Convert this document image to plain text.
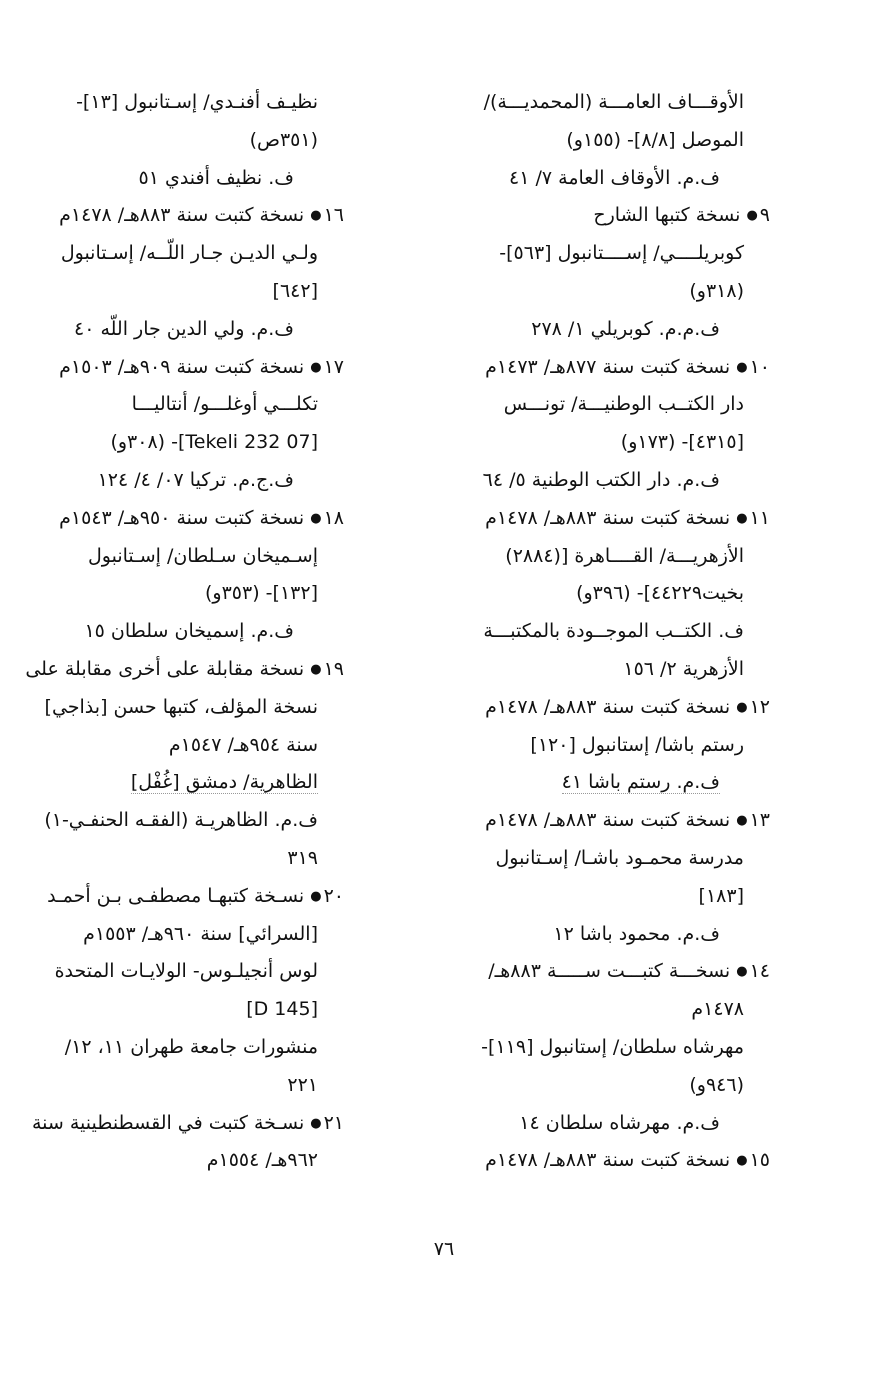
الأوقـــاف العامـــة (المحمديـــة)/
الموصل [٨/٨]- (١٥٥و)
ف.م. الأوقاف العامة ٧/ ٤١
٩● نسخة كتبها الشارح
كوبريلــــي/ إســــتانبول [٥٦٣]-
(٣١٨و)
ف.م.م. كوبريلي ١/ ٢٧٨
١٠● نسخة كتبت سنة ٨٧٧هـ/ ١٤٧٣م
دار الكتــب الوطنيـــة/ تونـــس
[٤٣١٥]- (١٧٣و)
ف.م. دار الكتب الوطنية ٥/ ٦٤
١١● نسخة كتبت سنة ٨٨٣هـ/ ١٤٧٨م
الأزهريـــة/ القــــاهرة [(٢٨٨٤)
بخيت٤٤٢٢٩]- (٣٩٦و)
ف. الكتــب الموجــودة بالمكتبـــة
الأزهرية ٢/ ١٥٦
١٢● نسخة كتبت سنة ٨٨٣هـ/ ١٤٧٨م
رستم باشا/ إستانبول [١٢٠]
ف.م. رستم باشا ٤١
١٣● نسخة كتبت سنة ٨٨٣هـ/ ١٤٧٨م
مدرسة محمـود باشـا/ إسـتانبول
[١٨٣]
ف.م. محمود باشا ١٢
١٤● نسخـــة كتبـــت ســـــة ٨٨٣هـ/
١٤٧٨م
مهرشاه سلطان/ إستانبول [١١٩]-
(٩٤٦و)
ف.م. مهرشاه سلطان ١٤
١٥● نسخة كتبت سنة ٨٨٣هـ/ ١٤٧٨م
نظيـف أفنـدي/ إسـتانبول [١٣]-
(٣٥١ص)
ف. نظيف أفندي ٥١
١٦● نسخة كتبت سنة ٨٨٣هـ/ ١٤٧٨م
ولـي الديـن جـار اللّــه/ إسـتانبول
[٦٤٢]
ف.م. ولي الدين جار اللّه ٤٠
١٧● نسخة كتبت سنة ٩٠٩هـ/ ١٥٠٣م
تكلـــي أوغلـــو/ أنتاليـــا
[07 Tekeli 232]- (٣٠٨و)
ف.ج.م. تركيا ٠٧/ ٤/ ١٢٤
١٨● نسخة كتبت سنة ٩٥٠هـ/ ١٥٤٣م
إسـميخان سـلطان/ إسـتانبول
[١٣٢]- (٣٥٣و)
ف.م. إسميخان سلطان ١٥
١٩● نسخة مقابلة على أخرى مقابلة على
نسخة المؤلف، كتبها حسن [بذاجي]
سنة ٩٥٤هـ/ ١٥٤٧م
الظاهرية/ دمشق [غُفْل]
ف.م. الظاهريـة (الفقـه الحنفـي-١)
٣١٩
٢٠● نسـخة كتبهـا مصطفـى بـن أحمـد
[السرائي] سنة ٩٦٠هـ/ ١٥٥٣م
لوس أنجيلـوس- الولايـات المتحدة
[D 145]
منشورات جامعة طهران ١١، ١٢/
٢٢١
٢١● نسـخة كتبت في القسطنطينية سنة
٩٦٢هـ/ ١٥٥٤م
٧٦
